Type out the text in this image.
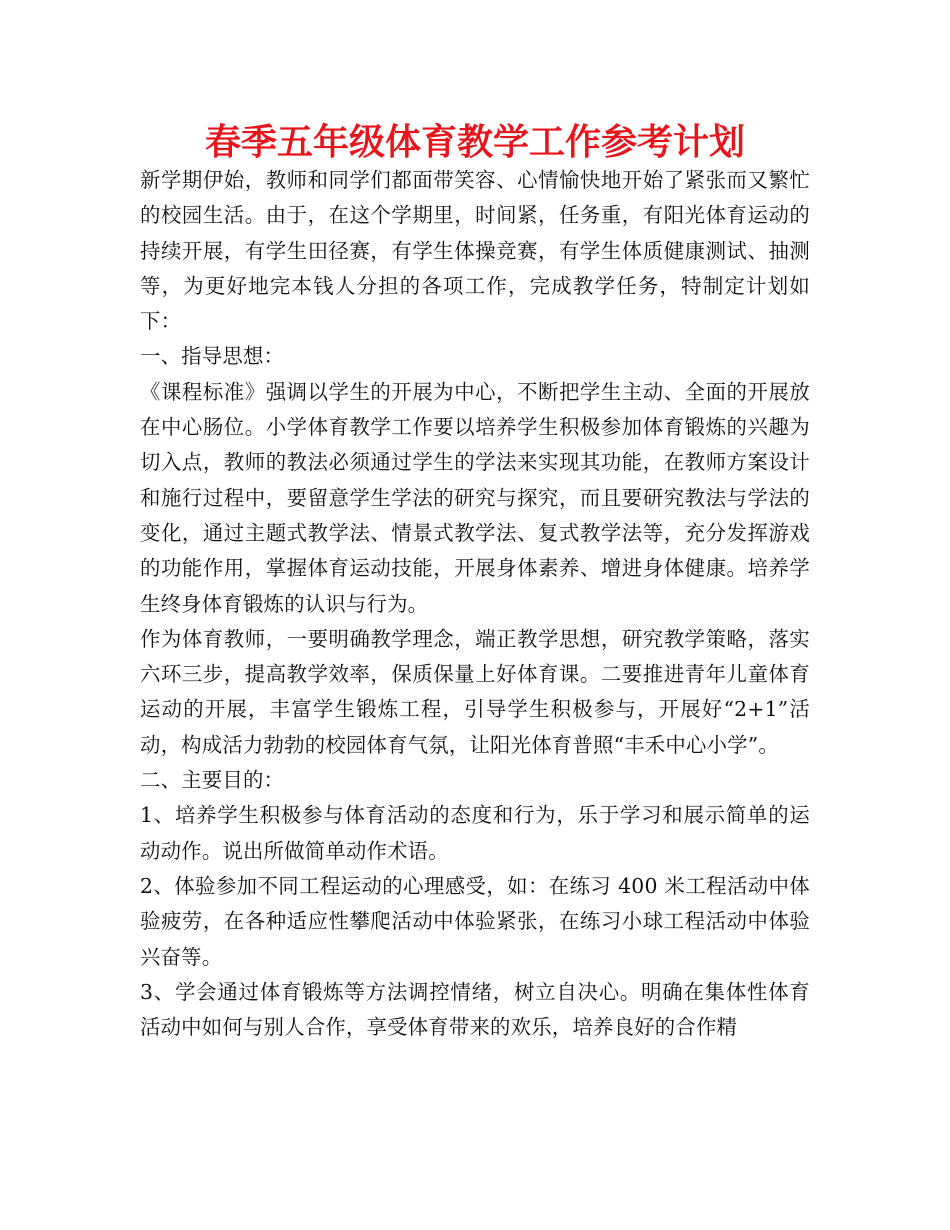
春季五年级体育教学工作参考计划

新学期伊始，教师和同学们都面带笑容、心情愉快地开始了紧张而又繁忙的校园生活。由于，在这个学期里，时间紧，任务重，有阳光体育运动的持续开展，有学生田径赛，有学生体操竞赛，有学生体质健康测试、抽测等，为更好地完本钱人分担的各项工作，完成教学任务，特制定计划如下：

一、指导思想：

《课程标准》强调以学生的开展为中心，不断把学生主动、全面的开展放在中心肠位。小学体育教学工作要以培养学生积极参加体育锻炼的兴趣为切入点，教师的教法必须通过学生的学法来实现其功能，在教师方案设计和施行过程中，要留意学生学法的研究与探究，而且要研究教法与学法的变化，通过主题式教学法、情景式教学法、复式教学法等，充分发挥游戏的功能作用，掌握体育运动技能，开展身体素养、增进身体健康。培养学生终身体育锻炼的认识与行为。

作为体育教师，一要明确教学理念，端正教学思想，研究教学策略，落实六环三步，提高教学效率，保质保量上好体育课。二要推进青年儿童体育运动的开展，丰富学生锻炼工程，引导学生积极参与，开展好“2+1”活动，构成活力勃勃的校园体育气氛，让阳光体育普照“丰禾中心小学”。

二、主要目的：

1、培养学生积极参与体育活动的态度和行为，乐于学习和展示简单的运动动作。说出所做简单动作术语。

2、体验参加不同工程运动的心理感受，如：在练习 400 米工程活动中体验疲劳，在各种适应性攀爬活动中体验紧张，在练习小球工程活动中体验兴奋等。

3、学会通过体育锻炼等方法调控情绪，树立自决心。明确在集体性体育活动中如何与别人合作，享受体育带来的欢乐，培养良好的合作精
